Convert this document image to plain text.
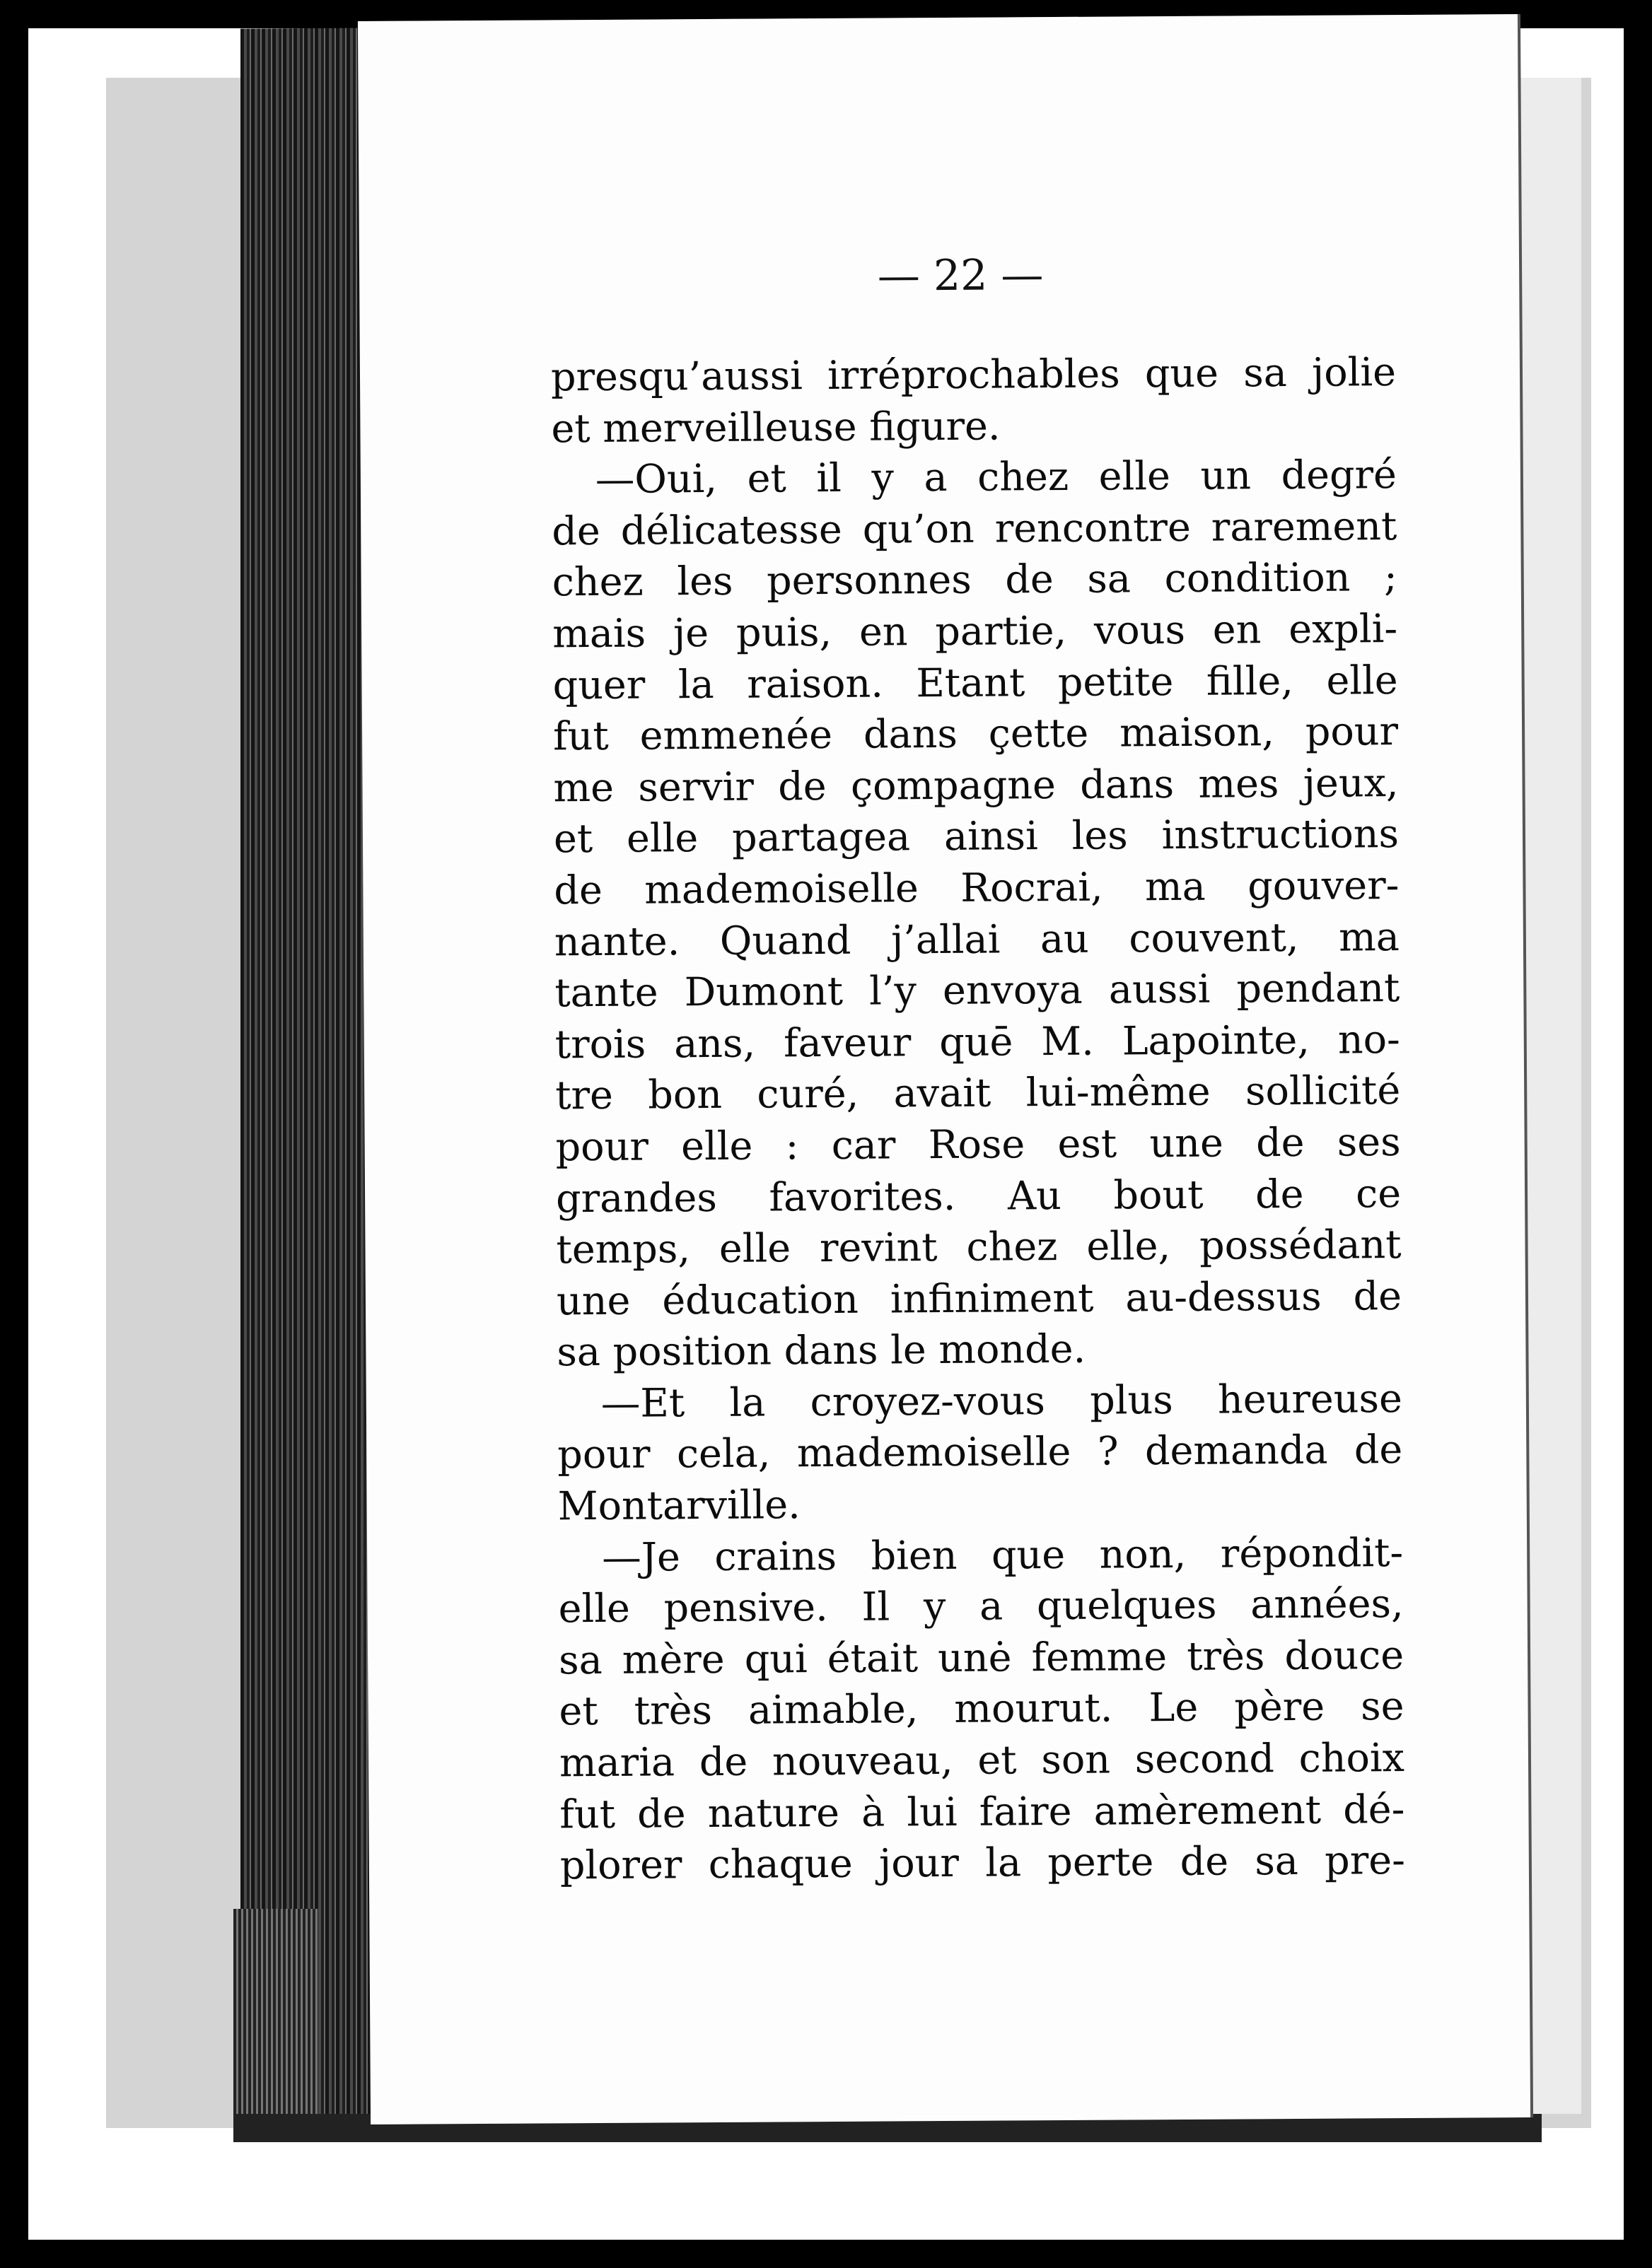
— 22 —

presqu’aussi irréprochables que sa jolie
et merveilleuse figure.
—Oui, et il y a chez elle un degré
de délicatesse qu’on rencontre rarement
chez les personnes de sa condition ;
mais je puis, en partie, vous en expli-
quer la raison. Etant petite fille, elle
fut emmenée dans çette maison, pour
me servir de çompagne dans mes jeux,
et elle partagea ainsi les instructions
de mademoiselle Rocrai, ma gouver-
nante. Quand j’allai au couvent, ma
tante Dumont l’y envoya aussi pendant
trois ans, faveur quē M. Lapointe, no-
tre bon curé, avait lui-même sollicité
pour elle : car Rose est une de ses
grandes favorites. Au bout de ce
temps, elle revint chez elle, possédant
une éducation infiniment au-dessus de
sa position dans le monde.
—Et la croyez-vous plus heureuse
pour cela, mademoiselle ? demanda de
Montarville.
—Je crains bien que non, répondit-
elle pensive. Il y a quelques années,
sa mère qui était unė femme très douce
et très aimable, mourut. Le père se
maria de nouveau, et son second choix
fut de nature à lui faire amèrement dé-
plorer chaque jour la perte de sa pre-
